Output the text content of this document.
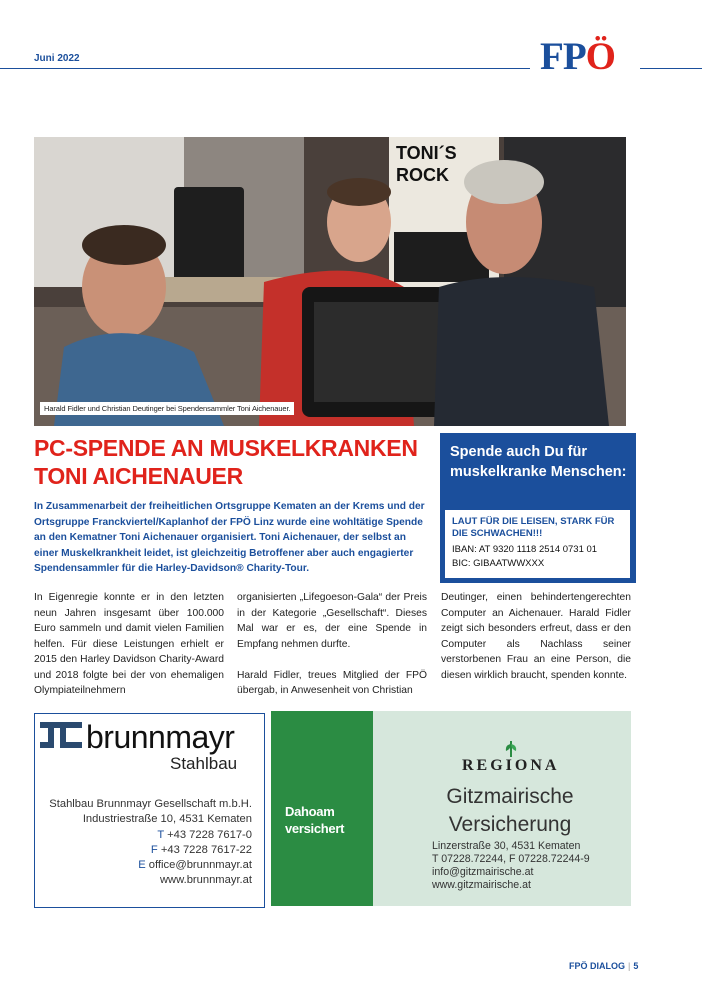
Juni 2022	FPÖ
TONI´S
ROCK
Harald Fidler und Christian Deutinger bei Spendensammler Toni Aichenauer.
PC-SPENDE AN MUSKELKRANKEN
TONI AICHENAUER
In Zusammenarbeit der freiheitlichen Ortsgruppe Kematen an der Krems und der Ortsgruppe Franckviertel/Kaplanhof der FPÖ Linz wurde eine wohltätige Spende an den Kematner Toni Aichenauer organisiert. Toni Aichenauer, der selbst an einer Muskelkrankheit leidet, ist gleichzeitig Betroffener aber auch engagierter Spendensammler für die Harley-Davidson® Charity-Tour.
Spende auch Du für muskelkranke Menschen:
LAUT FÜR DIE LEISEN, STARK FÜR DIE SCHWACHEN!!!
IBAN: AT 9320 1118 2514 0731 01
BIC: GIBAATWWXXX

In Eigenregie konnte er in den letzten neun Jahren insgesamt über 100.000 Euro sammeln und damit vielen Familien helfen. Für diese Leistungen erhielt er 2015 den Harley Davidson Charity-Award und 2018 folgte bei der von ehemaligen Olympiateilnehmern

organisierten „Lifegoeson-Gala“ der Preis in der Kategorie „Gesellschaft“. Dieses Mal war er es, der eine Spende in Empfang nehmen durfte.

Harald Fidler, treues Mitglied der FPÖ übergab, in Anwesenheit von Christian

Deutinger, einen behindertengerechten Computer an Aichenauer. Harald Fidler zeigt sich besonders erfreut, dass er den Computer als Nachlass seiner verstorbenen Frau an eine Person, die diesen wirklich braucht, spenden konnte.

brunnmayr
Stahlbau
Stahlbau Brunnmayr Gesellschaft m.b.H.
Industriestraße 10, 4531 Kematen
T +43 7228 7617-0
F +43 7228 7617-22
E office@brunnmayr.at
www.brunnmayr.at
Dahoam
versichert
REGIONA
Gitzmairische
Versicherung
Linzerstraße 30, 4531 Kematen
T 07228.72244, F 07228.72244-9
info@gitzmairische.at
www.gitzmairische.at
FPÖ DIALOG | 5
